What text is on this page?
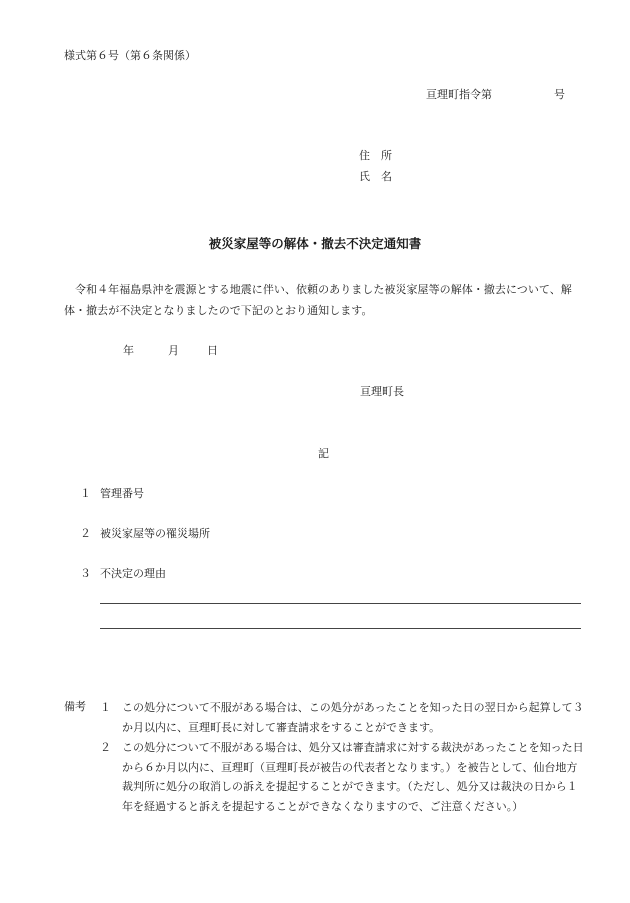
様式第６号（第６条関係）
亘理町指令第	号
住　所
氏　名
被災家屋等の解体・撤去不決定通知書
令和４年福島県沖を震源とする地震に伴い、依頼のありました被災家屋等の解体・撤去について、解体・撤去が不決定となりましたので下記のとおり通知します。
年	月	日
亘理町長
記
１ 管理番号
２ 被災家屋等の罹災場所
３ 不決定の理由
備考 １ この処分について不服がある場合は、この処分があったことを知った日の翌日から起算して３か月以内に、亘理町長に対して審査請求をすることができます。
２ この処分について不服がある場合は、処分又は審査請求に対する裁決があったことを知った日から６か月以内に、亘理町（亘理町長が被告の代表者となります。）を被告として、仙台地方裁判所に処分の取消しの訴えを提起することができます。（ただし、処分又は裁決の日から１年を経過すると訴えを提起することができなくなりますので、ご注意ください。）
